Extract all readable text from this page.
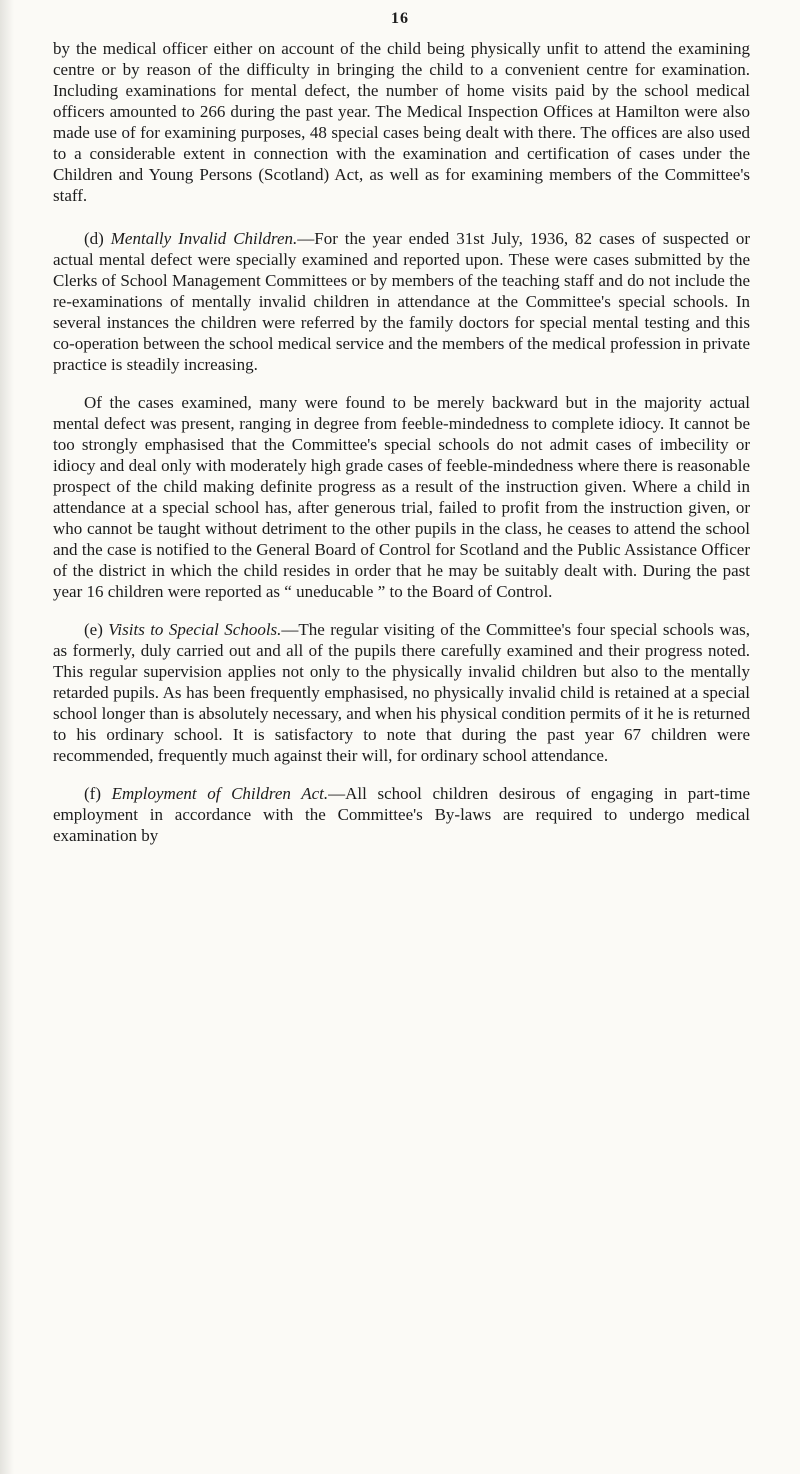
16

by the medical officer either on account of the child being physically unfit to attend the examining centre or by reason of the difficulty in bringing the child to a convenient centre for examination. Including examinations for mental defect, the number of home visits paid by the school medical officers amounted to 266 during the past year. The Medical Inspection Offices at Hamilton were also made use of for examining purposes, 48 special cases being dealt with there. The offices are also used to a considerable extent in connection with the examination and certification of cases under the Children and Young Persons (Scotland) Act, as well as for examining members of the Committee's staff.

(d) Mentally Invalid Children.—For the year ended 31st July, 1936, 82 cases of suspected or actual mental defect were specially examined and reported upon. These were cases submitted by the Clerks of School Management Committees or by members of the teaching staff and do not include the re-examinations of mentally invalid children in attendance at the Committee's special schools. In several instances the children were referred by the family doctors for special mental testing and this co-operation between the school medical service and the members of the medical profession in private practice is steadily increasing.

Of the cases examined, many were found to be merely backward but in the majority actual mental defect was present, ranging in degree from feeble-mindedness to complete idiocy. It cannot be too strongly emphasised that the Committee's special schools do not admit cases of imbecility or idiocy and deal only with moderately high grade cases of feeble-mindedness where there is reasonable prospect of the child making definite progress as a result of the instruction given. Where a child in attendance at a special school has, after generous trial, failed to profit from the instruction given, or who cannot be taught without detriment to the other pupils in the class, he ceases to attend the school and the case is notified to the General Board of Control for Scotland and the Public Assistance Officer of the district in which the child resides in order that he may be suitably dealt with. During the past year 16 children were reported as “ uneducable ” to the Board of Control.

(e) Visits to Special Schools.—The regular visiting of the Committee's four special schools was, as formerly, duly carried out and all of the pupils there carefully examined and their progress noted. This regular supervision applies not only to the physically invalid children but also to the mentally retarded pupils. As has been frequently emphasised, no physically invalid child is retained at a special school longer than is absolutely necessary, and when his physical condition permits of it he is returned to his ordinary school. It is satisfactory to note that during the past year 67 children were recommended, frequently much against their will, for ordinary school attendance.

(f) Employment of Children Act.—All school children desirous of engaging in part-time employment in accordance with the Committee's By-laws are required to undergo medical examination by
